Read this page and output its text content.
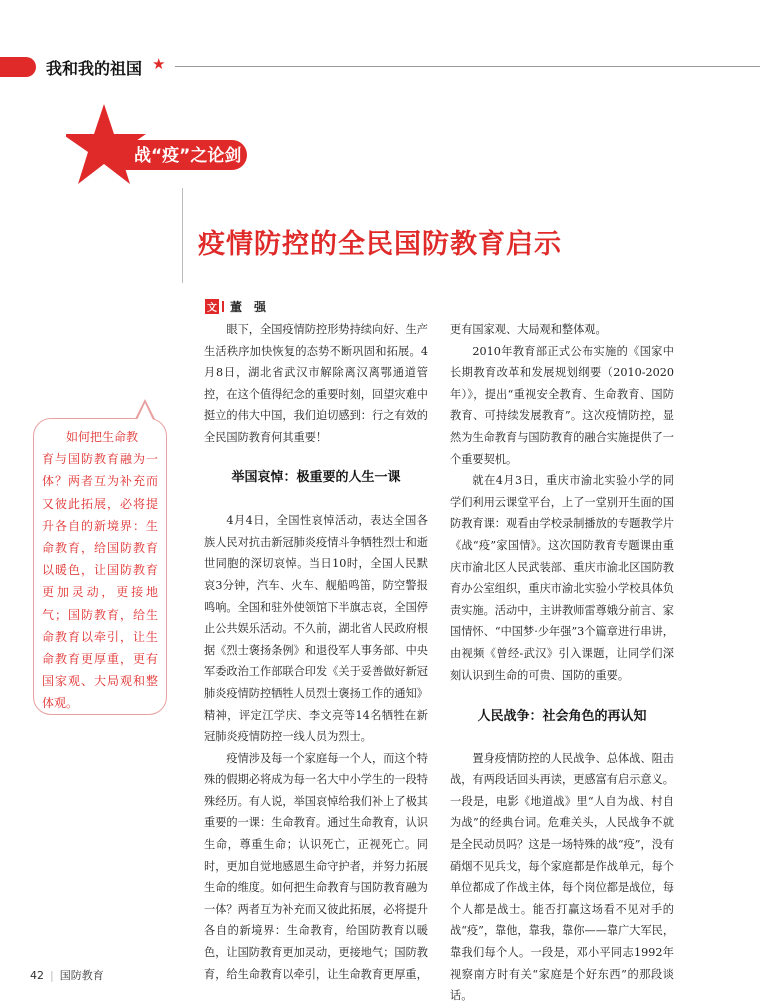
我和我的祖国 ★
战“疫”之论剑
疫情防控的全民国防教育启示
文 董　强

眼下，全国疫情防控形势持续向好、生产生活秩序加快恢复的态势不断巩固和拓展。4月8日，湖北省武汉市解除离汉离鄂通道管控，在这个值得纪念的重要时刻，回望灾难中挺立的伟大中国，我们迫切感到：行之有效的全民国防教育何其重要！

举国哀悼：极重要的人生一课

4月4日，全国性哀悼活动，表达全国各族人民对抗击新冠肺炎疫情斗争牺牲烈士和逝世同胞的深切哀悼。当日10时，全国人民默哀3分钟，汽车、火车、舰船鸣笛，防空警报鸣响。全国和驻外使领馆下半旗志哀，全国停止公共娱乐活动。不久前，湖北省人民政府根据《烈士褒扬条例》和退役军人事务部、中央军委政治工作部联合印发《关于妥善做好新冠肺炎疫情防控牺牲人员烈士褒扬工作的通知》精神，评定江学庆、李文亮等14名牺牲在新冠肺炎疫情防控一线人员为烈士。

疫情涉及每一个家庭每一个人，而这个特殊的假期必将成为每一名大中小学生的一段特殊经历。有人说，举国哀悼给我们补上了极其重要的一课：生命教育。通过生命教育，认识生命，尊重生命；认识死亡，正视死亡。同时，更加自觉地感恩生命守护者，并努力拓展生命的维度。如何把生命教育与国防教育融为一体？两者互为补充而又彼此拓展，必将提升各自的新境界：生命教育，给国防教育以暖色，让国防教育更加灵动，更接地气；国防教育，给生命教育以牵引，让生命教育更厚重，

更有国家观、大局观和整体观。

2010年教育部正式公布实施的《国家中长期教育改革和发展规划纲要（2010-2020年）》，提出“重视安全教育、生命教育、国防教育、可持续发展教育”。这次疫情防控，显然为生命教育与国防教育的融合实施提供了一个重要契机。

就在4月3日，重庆市渝北实验小学的同学们利用云课堂平台，上了一堂别开生面的国防教育课：观看由学校录制播放的专题教学片《战“疫”家国情》。这次国防教育专题课由重庆市渝北区人民武装部、重庆市渝北区国防教育办公室组织，重庆市渝北实验小学校具体负责实施。活动中，主讲教师雷尊娥分前言、家国情怀、“中国梦·少年强”3个篇章进行串讲，由视频《曾经-武汉》引入课题，让同学们深刻认识到生命的可贵、国防的重要。

人民战争：社会角色的再认知

置身疫情防控的人民战争、总体战、阻击战，有两段话回头再读，更感富有启示意义。一段是，电影《地道战》里“人自为战、村自为战”的经典台词。危难关头，人民战争不就是全民动员吗？这是一场特殊的战“疫”，没有硝烟不见兵戈，每个家庭都是作战单元，每个单位都成了作战主体，每个岗位都是战位，每个人都是战士。能否打赢这场看不见对手的战“疫”，靠他，靠我，靠你——靠广大军民，靠我们每个人。一段是，邓小平同志1992年视察南方时有关“家庭是个好东西”的那段谈话。

如何把生命教
育与国防教育融为一体？两者互为补充而又彼此拓展，必将提升各自的新境界：生命教育，给国防教育以暖色，让国防教育更加灵动，更接地气；国防教育，给生命教育以牵引，让生命教育更厚重，更有国家观、大局观和整体观。
42 | 国防教育
